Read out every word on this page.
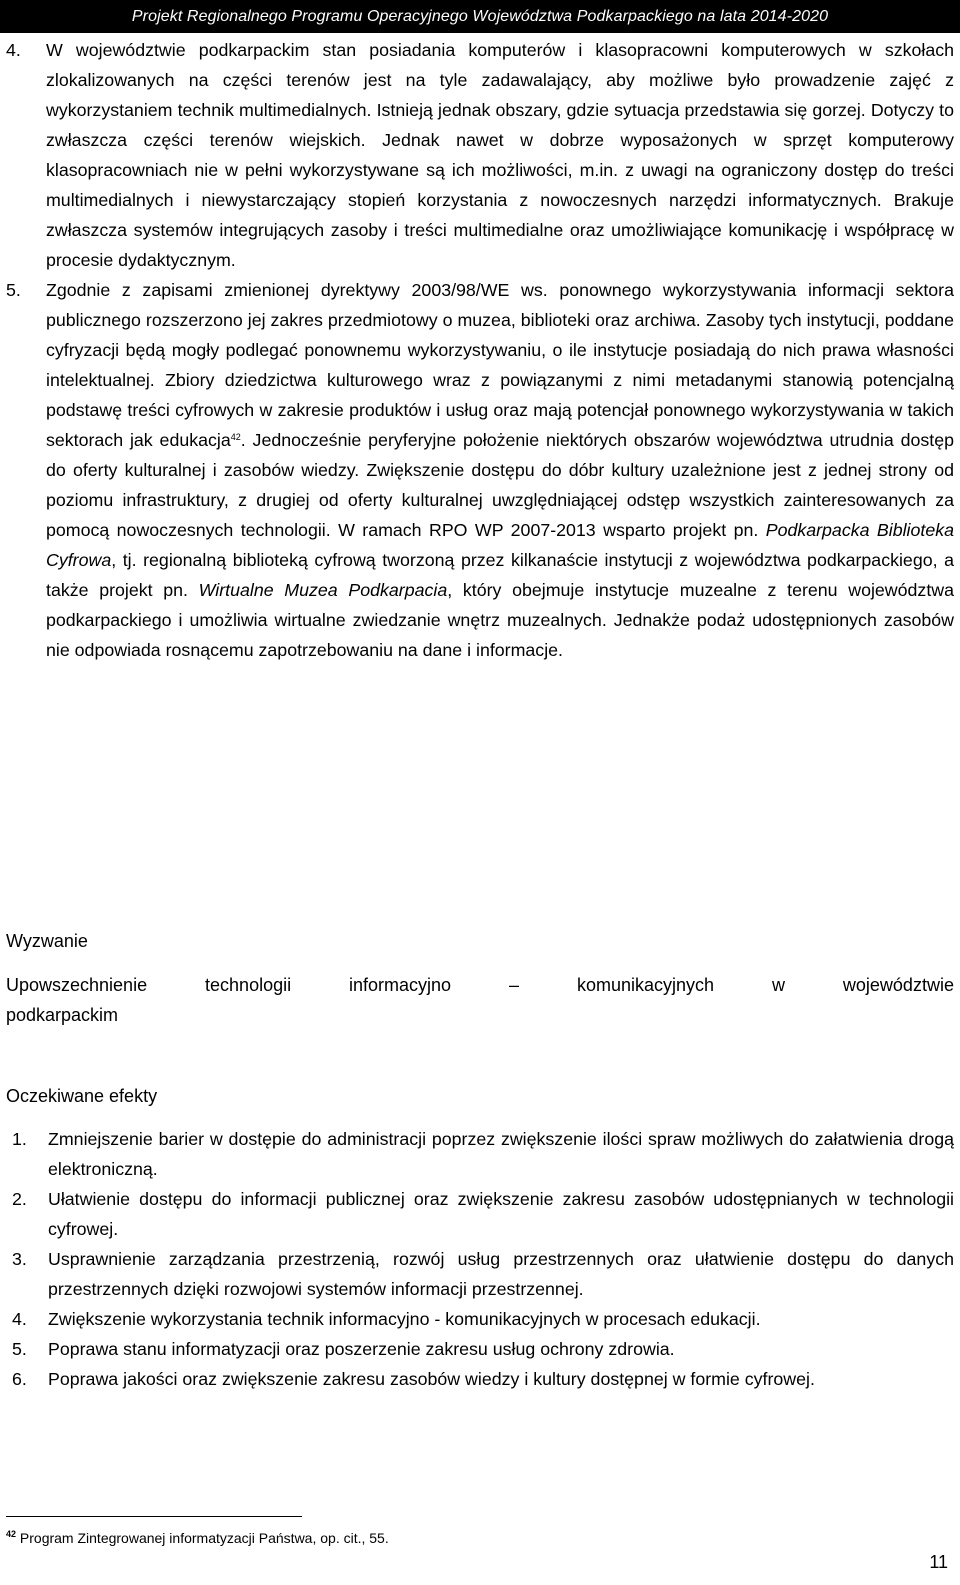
Projekt Regionalnego Programu Operacyjnego Województwa Podkarpackiego na lata 2014-2020
4.	W województwie podkarpackim stan posiadania komputerów i klasopracowni komputerowych w szkołach zlokalizowanych na części terenów jest na tyle zadawalający, aby możliwe było prowadzenie zajęć z wykorzystaniem technik multimedialnych. Istnieją jednak obszary, gdzie sytuacja przedstawia się gorzej. Dotyczy to zwłaszcza części terenów wiejskich. Jednak nawet w dobrze wyposażonych w sprzęt komputerowy klasopracowniach nie w pełni wykorzystywane są ich możliwości, m.in. z uwagi na ograniczony dostęp do treści multimedialnych i niewystarczający stopień korzystania z nowoczesnych narzędzi informatycznych. Brakuje zwłaszcza systemów integrujących zasoby i treści multimedialne oraz umożliwiające komunikację i współpracę w procesie dydaktycznym.
5.	Zgodnie z zapisami zmienionej dyrektywy 2003/98/WE ws. ponownego wykorzystywania informacji sektora publicznego rozszerzono jej zakres przedmiotowy o muzea, biblioteki oraz archiwa. Zasoby tych instytucji, poddane cyfryzacji będą mogły podlegać ponownemu wykorzystywaniu, o ile instytucje posiadają do nich prawa własności intelektualnej. Zbiory dziedzictwa kulturowego wraz z powiązanymi z nimi metadanymi stanowią potencjalną podstawę treści cyfrowych w zakresie produktów i usług oraz mają potencjał ponownego wykorzystywania w takich sektorach jak edukacja$^{42}$. Jednocześnie peryferyjne położenie niektórych obszarów województwa utrudnia dostęp do oferty kulturalnej i zasobów wiedzy. Zwiększenie dostępu do dóbr kultury uzależnione jest z jednej strony od poziomu infrastruktury, z drugiej od oferty kulturalnej uwzględniającej odstęp wszystkich zainteresowanych za pomocą nowoczesnych technologii. W ramach RPO WP 2007-2013 wsparto projekt pn. Podkarpacka Biblioteka Cyfrowa, tj. regionalną biblioteką cyfrową tworzoną przez kilkanaście instytucji z województwa podkarpackiego, a także projekt pn. Wirtualne Muzea Podkarpacia, który obejmuje instytucje muzealne z terenu województwa podkarpackiego i umożliwia wirtualne zwiedzanie wnętrz muzealnych. Jednakże podaż udostępnionych zasobów nie odpowiada rosnącemu zapotrzebowaniu na dane i informacje.
Wyzwanie
Upowszechnienie	technologii	informacyjno	–	komunikacyjnych	w	województwie
podkarpackim
Oczekiwane efekty
1.	Zmniejszenie barier w dostępie do administracji poprzez zwiększenie ilości spraw możliwych do załatwienia drogą elektroniczną.
2.	Ułatwienie dostępu do informacji publicznej oraz zwiększenie zakresu zasobów udostępnianych w technologii cyfrowej.
3.	Usprawnienie zarządzania przestrzenią, rozwój usług przestrzennych oraz ułatwienie dostępu do danych przestrzennych dzięki rozwojowi systemów informacji przestrzennej.
4.	Zwiększenie wykorzystania technik informacyjno - komunikacyjnych w procesach edukacji.
5.	Poprawa stanu informatyzacji oraz poszerzenie zakresu usług ochrony zdrowia.
6.	Poprawa jakości oraz zwiększenie zakresu zasobów wiedzy i kultury dostępnej w formie cyfrowej.
$^{42}$ Program Zintegrowanej informatyzacji Państwa, op. cit., 55.
11
